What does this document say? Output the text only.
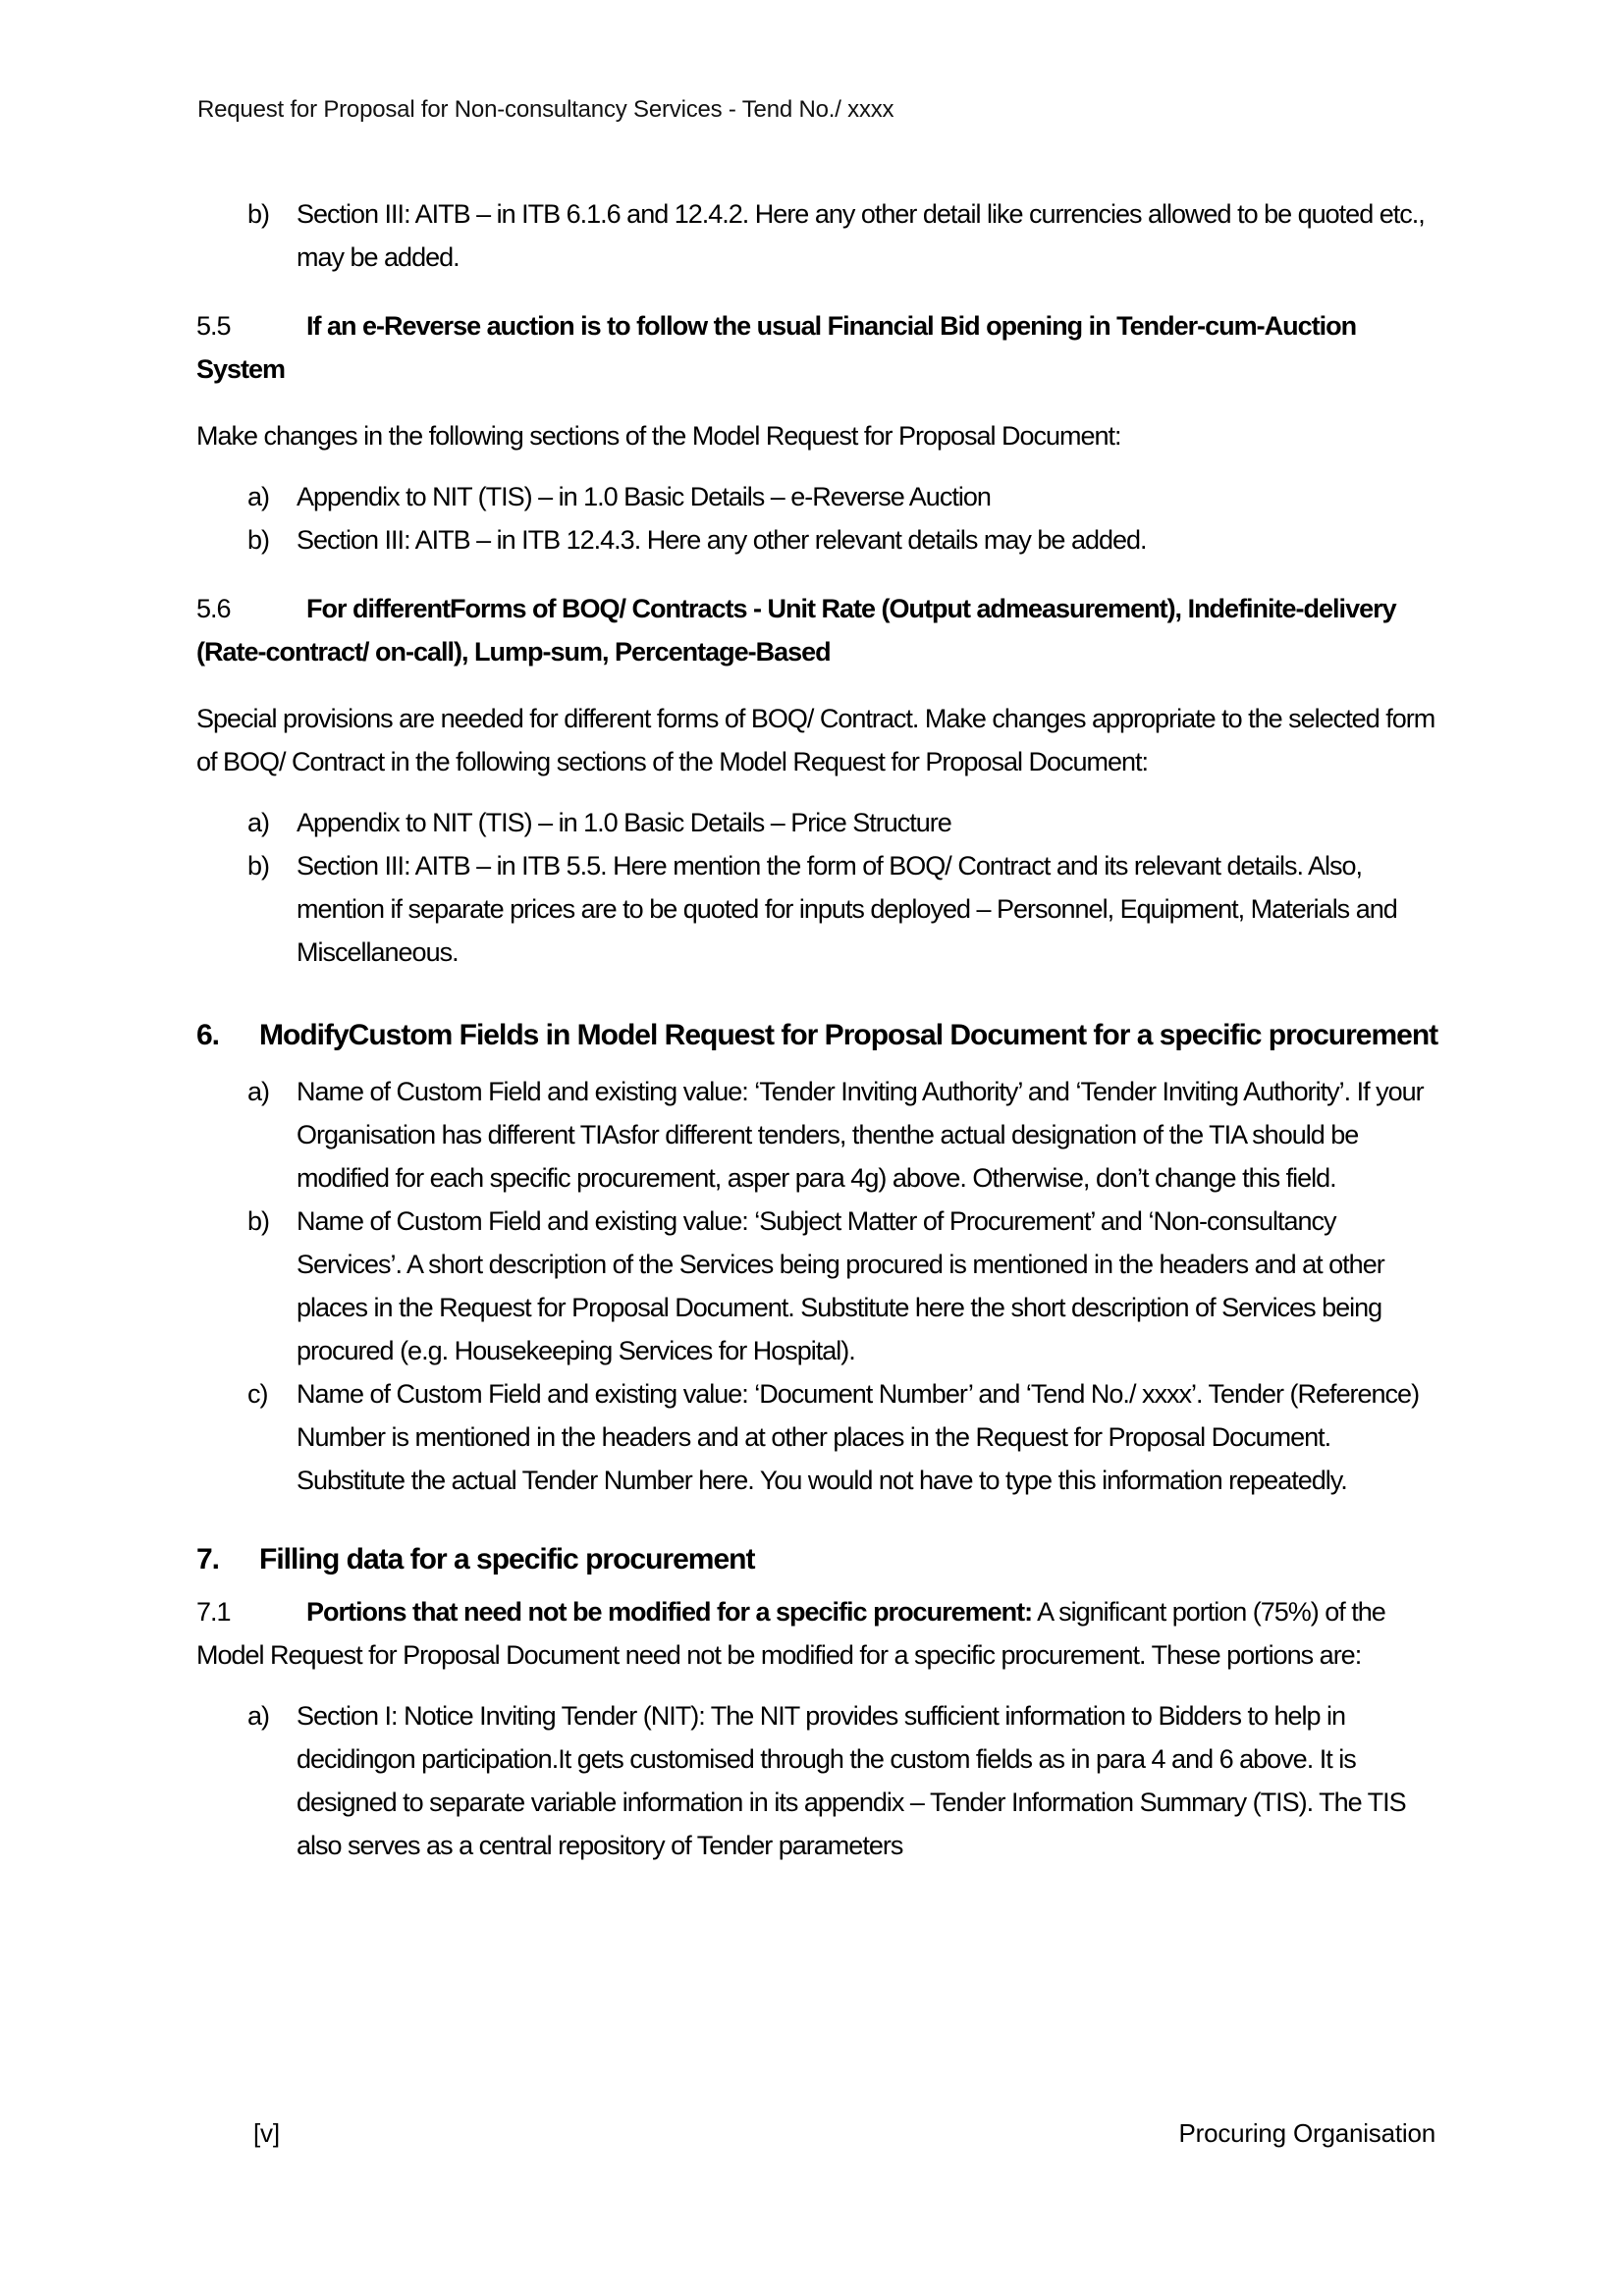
Request for Proposal for Non-consultancy Services - Tend No./ xxxx
b)	Section III: AITB – in ITB 6.1.6 and 12.4.2. Here any other detail like currencies allowed to be quoted etc., may be added.

5.5	If an e-Reverse auction is to follow the usual Financial Bid opening in Tender-cum-Auction System

Make changes in the following sections of the Model Request for Proposal Document:

a)	Appendix to NIT (TIS) – in 1.0 Basic Details – e-Reverse Auction
b)	Section III: AITB – in ITB 12.4.3. Here any other relevant details may be added.

5.6	For differentForms of BOQ/ Contracts - Unit Rate (Output admeasurement), Indefinite-delivery (Rate-contract/ on-call), Lump-sum, Percentage-Based

Special provisions are needed for different forms of BOQ/ Contract. Make changes appropriate to the selected form of BOQ/ Contract in the following sections of the Model Request for Proposal Document:

a)	Appendix to NIT (TIS) – in 1.0 Basic Details – Price Structure
b)	Section III: AITB – in ITB 5.5. Here mention the form of BOQ/ Contract and its relevant details. Also, mention if separate prices are to be quoted for inputs deployed – Personnel, Equipment, Materials and Miscellaneous.
6.	ModifyCustom Fields in Model Request for Proposal Document for a specific procurement
a)	Name of Custom Field and existing value: ‘Tender Inviting Authority’ and ‘Tender Inviting Authority’. If your Organisation has different TIAsfor different tenders, thenthe actual designation of the TIA should be modified for each specific procurement, asper para 4g) above. Otherwise, don’t change this field.
b)	Name of Custom Field and existing value: ‘Subject Matter of Procurement’ and ‘Non-consultancy Services’. A short description of the Services being procured is mentioned in the headers and at other places in the Request for Proposal Document. Substitute here the short description of Services being procured (e.g. Housekeeping Services for Hospital).
c)	Name of Custom Field and existing value: ‘Document Number’ and ‘Tend No./ xxxx’. Tender (Reference) Number is mentioned in the headers and at other places in the Request for Proposal Document. Substitute the actual Tender Number here. You would not have to type this information repeatedly.
7.	Filling data for a specific procurement

7.1	Portions that need not be modified for a specific procurement: A significant portion (75%) of the Model Request for Proposal Document need not be modified for a specific procurement. These portions are:

a)	Section I: Notice Inviting Tender (NIT): The NIT provides sufficient information to Bidders to help in decidingon participation.It gets customised through the custom fields as in para 4 and 6 above. It is designed to separate variable information in its appendix – Tender Information Summary (TIS). The TIS also serves as a central repository of Tender parameters
[v]	Procuring Organisation
